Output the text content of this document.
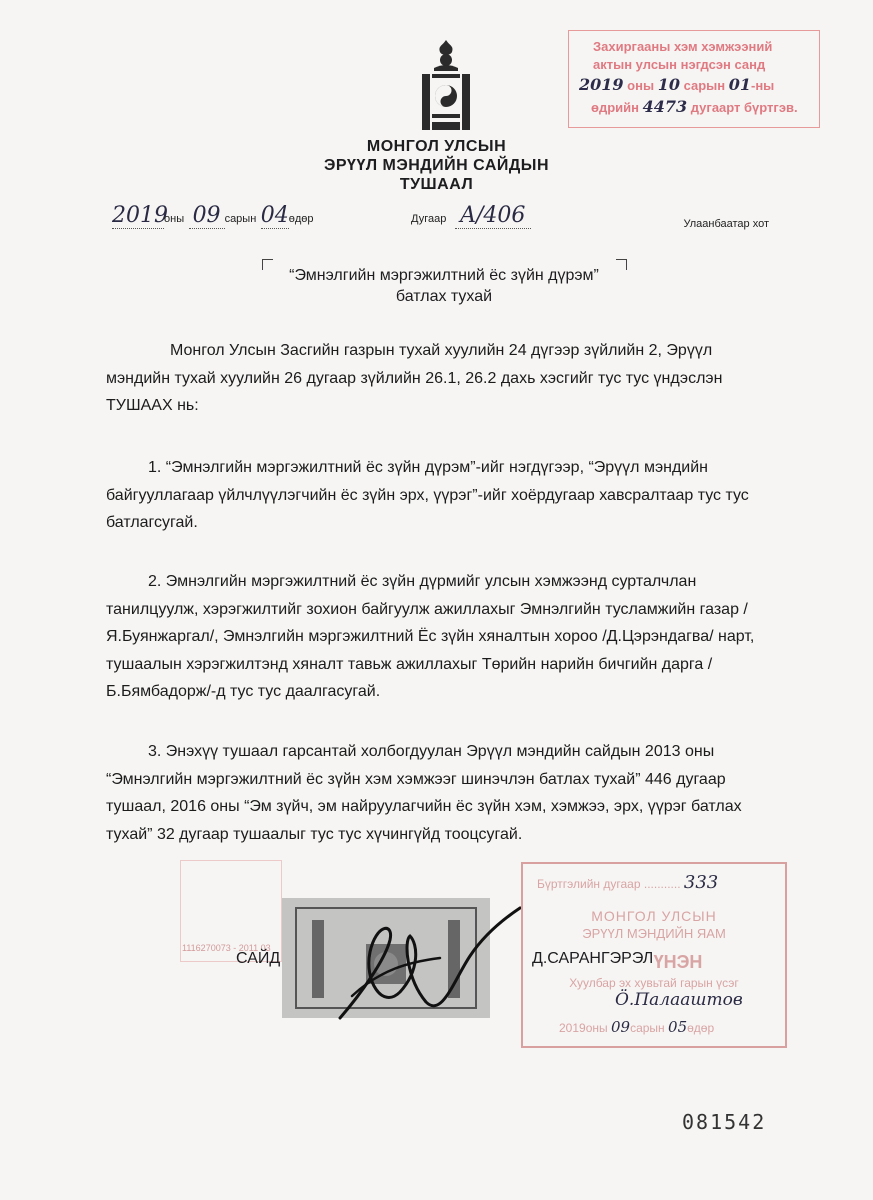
Захиргааны хэм хэмжээний
актын улсын нэгдсэн санд
2019 оны 10 сарын 01-ны
өдрийн 4473 дугаарт бүртгэв.
МОНГОЛ УЛСЫН
ЭРҮҮЛ МЭНДИЙН САЙДЫН
ТУШААЛ
2019оны 09 сарын 04өдөр	Дугаар A/406	Улаанбаатар хот
“Эмнэлгийн мэргэжилтний ёс зүйн дүрэм”
батлах тухай
Монгол Улсын Засгийн газрын тухай хуулийн 24 дүгээр зүйлийн 2, Эрүүл мэндийн тухай хуулийн 26 дугаар зүйлийн 26.1, 26.2 дахь хэсгийг тус тус үндэслэн ТУШААХ нь:
1. “Эмнэлгийн мэргэжилтний ёс зүйн дүрэм”-ийг нэгдүгээр, “Эрүүл мэндийн байгууллагаар үйлчлүүлэгчийн ёс зүйн эрх, үүрэг”-ийг хоёрдугаар хавсралтаар тус тус батлагсугай.
2. Эмнэлгийн мэргэжилтний ёс зүйн дүрмийг улсын хэмжээнд сурталчлан танилцуулж, хэрэгжилтийг зохион байгуулж ажиллахыг Эмнэлгийн тусламжийн газар /Я.Буянжаргал/, Эмнэлгийн мэргэжилтний Ёс зүйн хяналтын хороо /Д.Цэрэндагва/ нарт, тушаалын хэрэгжилтэнд хяналт тавьж ажиллахыг Төрийн нарийн бичгийн дарга /Б.Бямбадорж/-д тус тус даалгасугай.
3. Энэхүү тушаал гарсантай холбогдуулан Эрүүл мэндийн сайдын 2013 оны “Эмнэлгийн мэргэжилтний ёс зүйн хэм хэмжээг шинэчлэн батлах тухай” 446 дугаар тушаал, 2016 оны “Эм зүйч, эм найруулагчийн ёс зүйн хэм, хэмжээ, эрх, үүрэг батлах тухай” 32 дугаар тушаалыг тус тус хүчингүйд тооцсугай.
1116270073 - 2011 03
САЙД	Д.САРАНГЭРЭЛ
Бүртгэлийн дугаар ........... 333
МОНГОЛ УЛСЫН
ЭРҮҮЛ МЭНДИЙН ЯАМ
ҮНЭН
Хуулбар эх хувьтай гарын үсэг
Ӧ.Палааштов
2019оны 09сарын 05өдөр
081542
